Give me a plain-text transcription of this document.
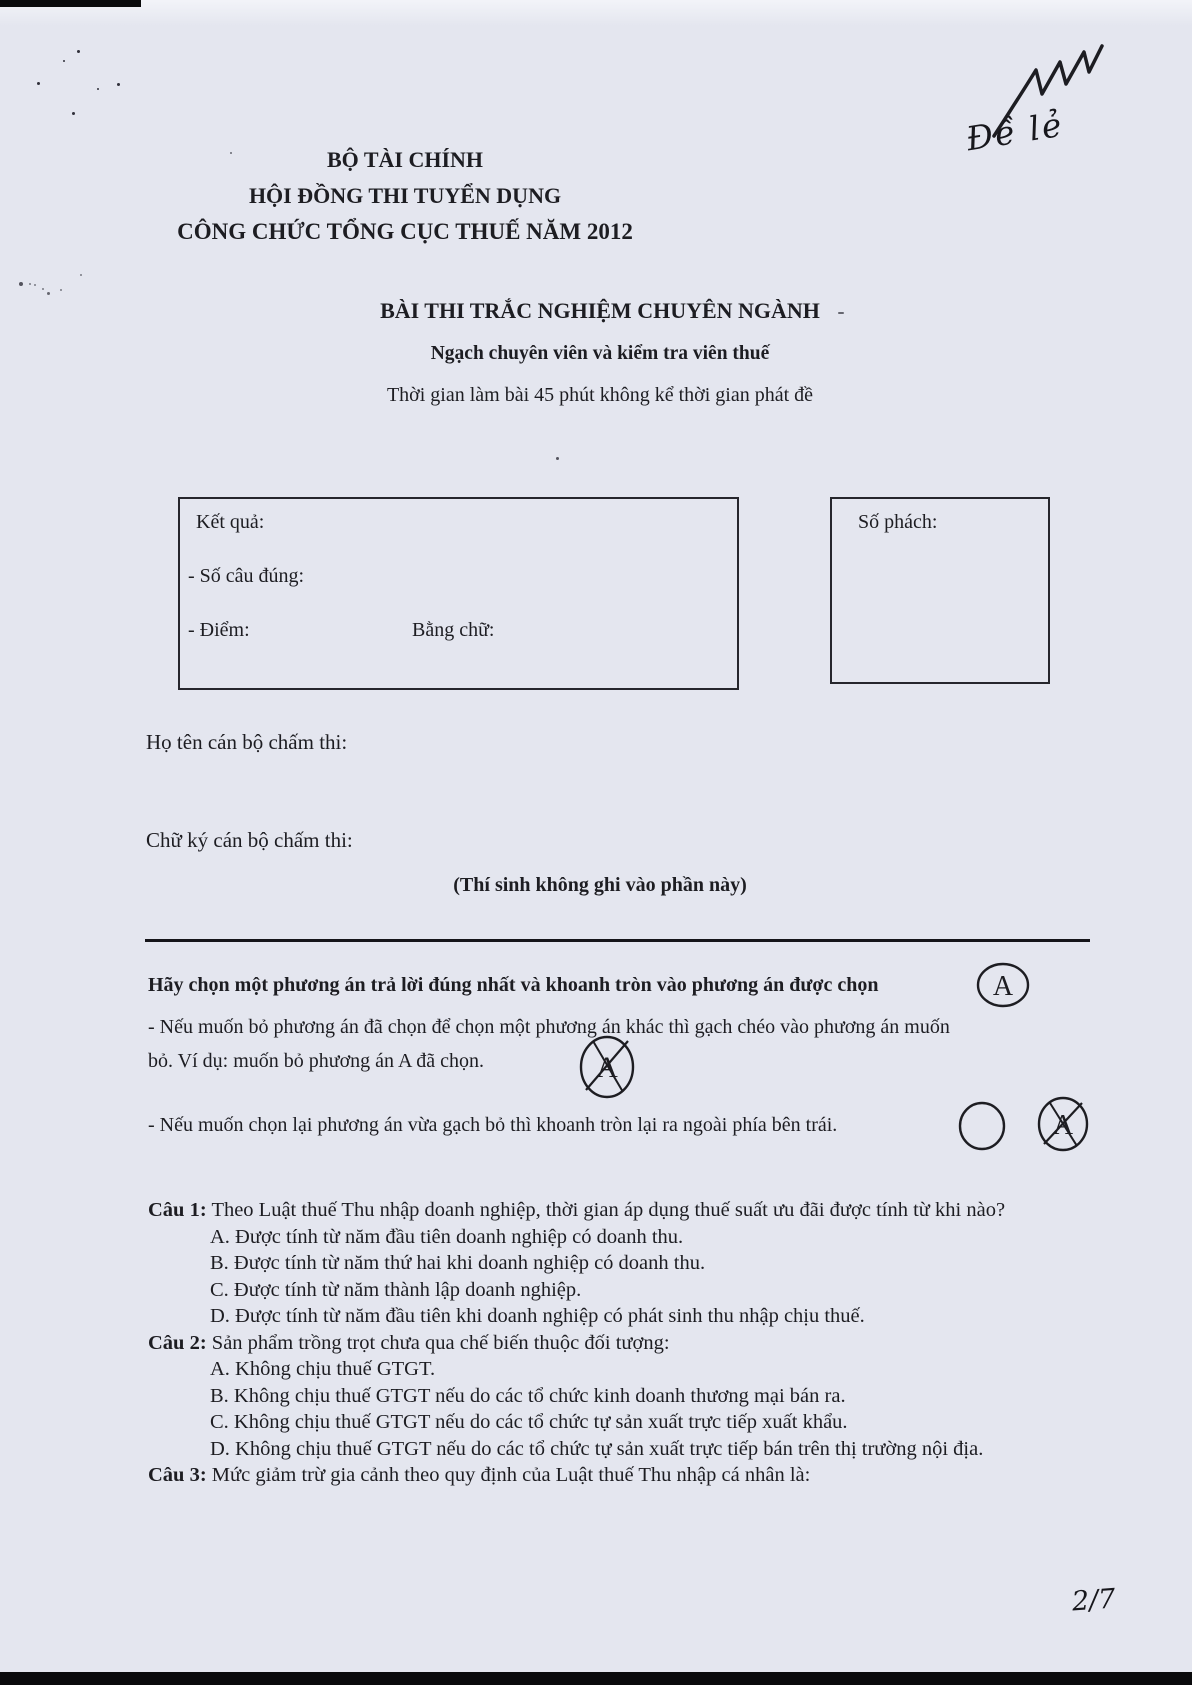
Đề lẻ
BỘ TÀI CHÍNH
HỘI ĐỒNG THI TUYỂN DỤNG
CÔNG CHỨC TỔNG CỤC THUẾ NĂM 2012
BÀI THI TRẮC NGHIỆM CHUYÊN NGÀNH
Ngạch chuyên viên và kiểm tra viên thuế
Thời gian làm bài 45 phút không kể thời gian phát đề
Kết quả:
- Số câu đúng:
- Điểm:	Bằng chữ:
Số phách:
Họ tên cán bộ chấm thi:
Chữ ký cán bộ chấm thi:
(Thí sinh không ghi vào phần này)
Hãy chọn một phương án trả lời đúng nhất và khoanh tròn vào phương án được chọn	A
- Nếu muốn bỏ phương án đã chọn để chọn một phương án khác thì gạch chéo vào phương án muốn
bỏ. Ví dụ: muốn bỏ phương án A đã chọn.	A
- Nếu muốn chọn lại phương án vừa gạch bỏ thì khoanh tròn lại ra ngoài phía bên trái.	A

Câu 1: Theo Luật thuế Thu nhập doanh nghiệp, thời gian áp dụng thuế suất ưu đãi được tính từ khi nào?

A. Được tính từ năm đầu tiên doanh nghiệp có doanh thu.
B. Được tính từ năm thứ hai khi doanh nghiệp có doanh thu.
C. Được tính từ năm thành lập doanh nghiệp.
D. Được tính từ năm đầu tiên khi doanh nghiệp có phát sinh thu nhập chịu thuế.

Câu 2: Sản phẩm trồng trọt chưa qua chế biến thuộc đối tượng:

A. Không chịu thuế GTGT.
B. Không chịu thuế GTGT nếu do các tổ chức kinh doanh thương mại bán ra.
C. Không chịu thuế GTGT nếu do các tổ chức tự sản xuất trực tiếp xuất khẩu.
D. Không chịu thuế GTGT nếu do các tổ chức tự sản xuất trực tiếp bán trên thị trường nội địa.

Câu 3: Mức giảm trừ gia cảnh theo quy định của Luật thuế Thu nhập cá nhân là:

2/7
